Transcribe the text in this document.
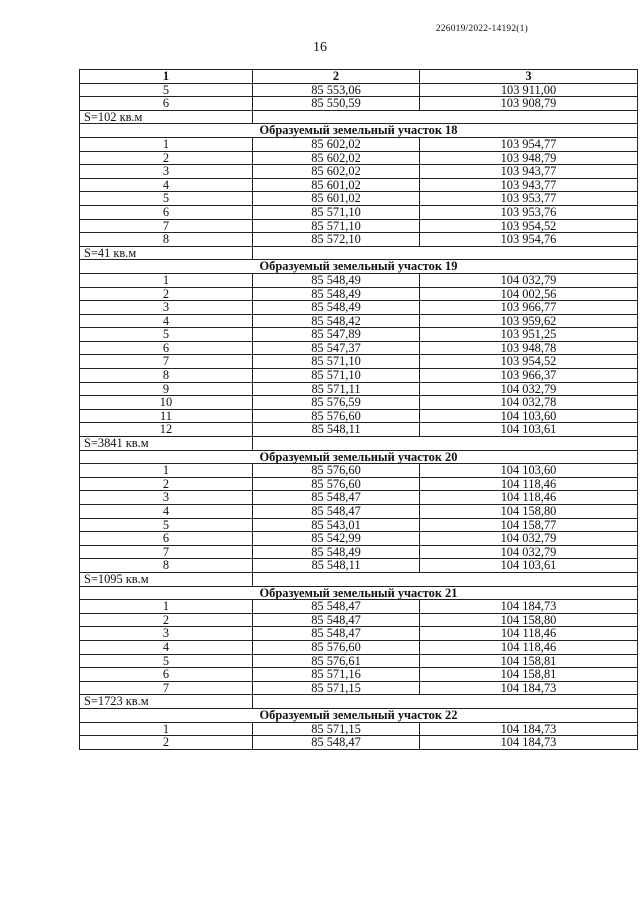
226019/2022-14192(1)
16
1	2	3
5	85 553,06	103 911,00
6	85 550,59	103 908,79
S=102 кв.м		
Образуемый земельный участок 18		
1	85 602,02	103 954,77
2	85 602,02	103 948,79
3	85 602,02	103 943,77
4	85 601,02	103 943,77
5	85 601,02	103 953,77
6	85 571,10	103 953,76
7	85 571,10	103 954,52
8	85 572,10	103 954,76
S=41 кв.м		
Образуемый земельный участок 19		
1	85 548,49	104 032,79
2	85 548,49	104 002,56
3	85 548,49	103 966,77
4	85 548,42	103 959,62
5	85 547,89	103 951,25
6	85 547,37	103 948,78
7	85 571,10	103 954,52
8	85 571,10	103 966,37
9	85 571,11	104 032,79
10	85 576,59	104 032,78
11	85 576,60	104 103,60
12	85 548,11	104 103,61
S=3841 кв.м		
Образуемый земельный участок 20		
1	85 576,60	104 103,60
2	85 576,60	104 118,46
3	85 548,47	104 118,46
4	85 548,47	104 158,80
5	85 543,01	104 158,77
6	85 542,99	104 032,79
7	85 548,49	104 032,79
8	85 548,11	104 103,61
S=1095 кв.м		
Образуемый земельный участок 21		
1	85 548,47	104 184,73
2	85 548,47	104 158,80
3	85 548,47	104 118,46
4	85 576,60	104 118,46
5	85 576,61	104 158,81
6	85 571,16	104 158,81
7	85 571,15	104 184,73
S=1723 кв.м		
Образуемый земельный участок 22		
1	85 571,15	104 184,73
2	85 548,47	104 184,73
